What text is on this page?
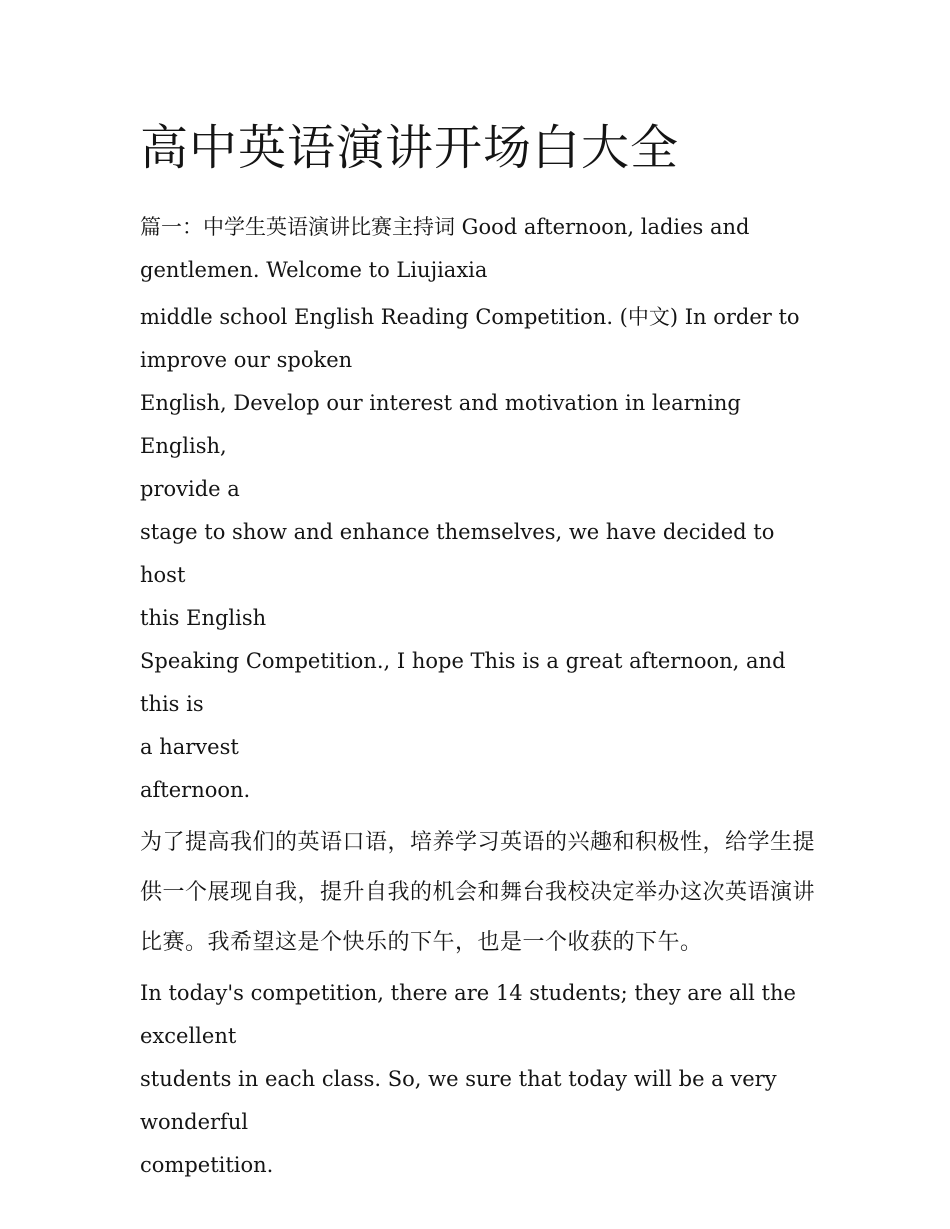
高中英语演讲开场白大全

篇一：中学生英语演讲比赛主持词 Good afternoon, ladies and
gentlemen. Welcome to Liujiaxia

middle school English Reading Competition. (中文) In order to
improve our spoken
English, Develop our interest and motivation in learning English,
provide a
stage to show and enhance themselves, we have decided to host
this English
Speaking Competition., I hope This is a great afternoon, and this is
a harvest
afternoon.

为了提高我们的英语口语，培养学习英语的兴趣和积极性，给学生提供一个展现自我，提升自我的机会和舞台我校决定举办这次英语演讲比赛。我希望这是个快乐的下午，也是一个收获的下午。

In today's competition, there are 14 students; they are all the
excellent
students in each class. So, we sure that today will be a very
wonderful
competition.
